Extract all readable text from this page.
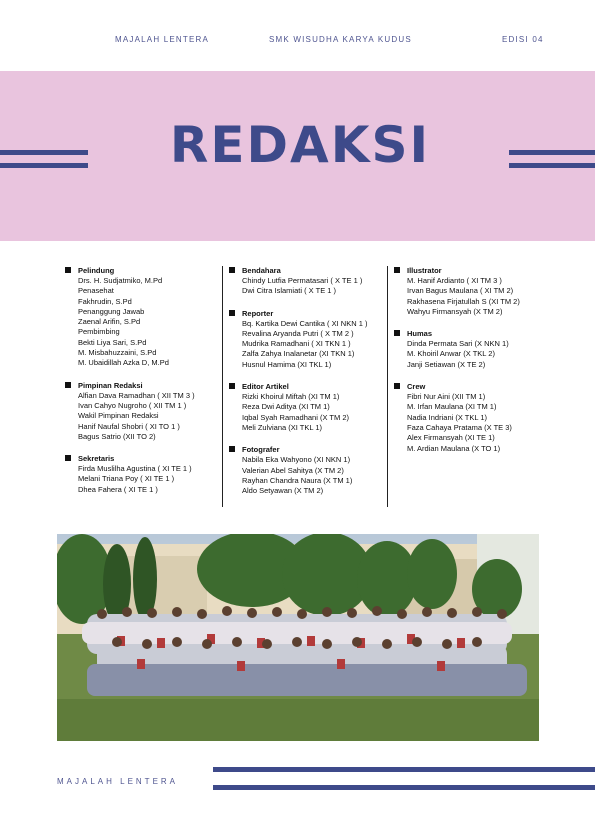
MAJALAH LENTERA	SMK WISUDHA KARYA KUDUS	EDISI 04
REDAKSI
Pelindung
Drs. H. Sudjatmiko, M.Pd
Penasehat
Fakhrudin, S.Pd
Penanggung Jawab
Zaenal Arifin, S.Pd
Pembimbing
Bekti Liya Sari, S.Pd
M. Misbahuzzaini, S.Pd
M. Ubaidillah Azka D, M.Pd
Pimpinan Redaksi
Alfian Dava Ramadhan ( XII TM 3 )
Ivan Cahyo Nugroho ( XII TM 1 )
Wakil Pimpinan Redaksi
Hanif Naufal Shobri ( XI TO 1 )
Bagus Satrio (XII TO 2)
Sekretaris
Firda Muslilha Agustina ( XI TE 1 )
Melani Triana Poy ( XI TE 1 )
Dhea Fahera ( XI TE 1 )
Bendahara
Chindy Lutfia Permatasari ( X TE 1 )
Dwi Citra Islamiati ( X TE 1 )
Reporter
Bq. Kartika Dewi Cantika ( XI NKN 1 )
Revalina Aryanda Putri ( X TM 2 )
Mudrika Ramadhani ( XI TKN 1 )
Zalfa Zahya Inalanetar (XI TKN 1)
Husnul Hamima (XI TKL 1)
Editor Artikel
Rizki Khoirul Miftah (XI TM 1)
Reza Dwi Aditya (XI TM 1)
Iqbal Syah Ramadhani (X TM 2)
Meli Zulviana (XI TKL 1)
Fotografer
Nabila Eka Wahyono (XI NKN 1)
Valerian Abel Sahitya (X TM 2)
Rayhan Chandra Naura (X TM 1)
Aldo Setyawan (X TM 2)
Illustrator
M. Hanif Ardianto ( XI TM 3 )
Irvan Bagus Maulana ( XI TM 2)
Rakhasena Firjatullah S (XI TM 2)
Wahyu Firmansyah (X TM 2)
Humas
Dinda Permata Sari (X NKN 1)
M. Khoiril Anwar (X TKL 2)
Janji Setiawan (X TE 2)
Crew
Fibri Nur Aini (XII TM 1)
M. Irfan Maulana (XI TM 1)
Nadia Indriani (X TKL 1)
Faza Cahaya Pratama (X TE 3)
Alex Firmansyah (XI TE 1)
M. Ardian Maulana (X TO 1)
MAJALAH LENTERA
